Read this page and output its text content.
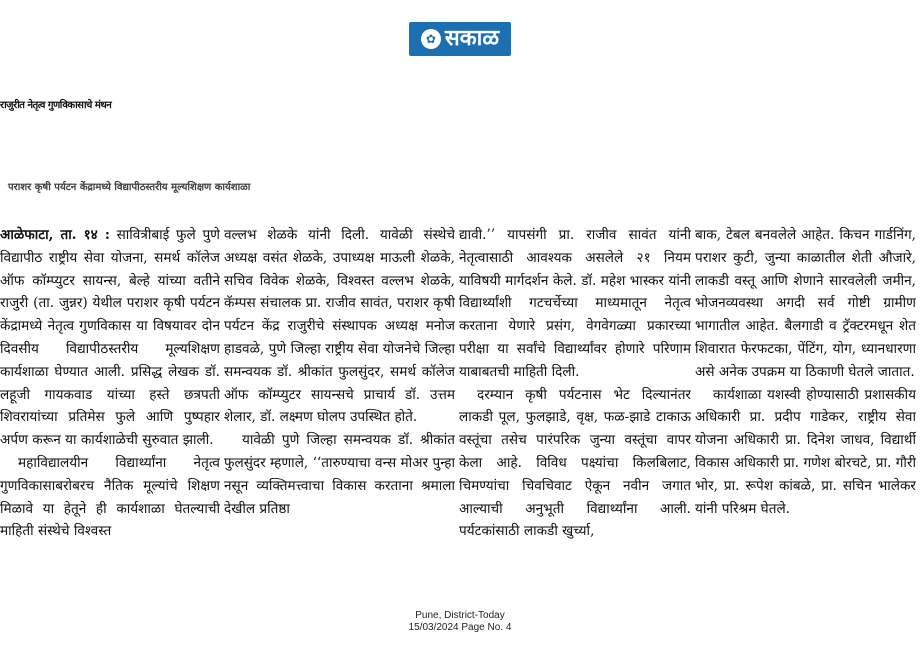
✿ सकाळ
राजुरीत नेतृत्व गुणविकासाचे मंथन
पराशर कृषी पर्यटन केंद्रामध्ये विद्यापीठस्तरीय मूल्यशिक्षण कार्यशाळा

आळेफाटा, ता. १४ : सावित्रीबाई फुले पुणे विद्यापीठ राष्ट्रीय सेवा योजना, समर्थ कॉलेज ऑफ कॉम्प्युटर सायन्स, बेल्हे यांच्या वतीने राजुरी (ता. जुन्नर) येथील पराशर कृषी पर्यटन केंद्रामध्ये नेतृत्व गुणविकास या विषयावर दोन दिवसीय विद्यापीठस्तरीय मूल्यशिक्षण कार्यशाळा घेण्यात आली. प्रसिद्ध लेखक डॉ. लहूजी गायकवाड यांच्या हस्ते छत्रपती शिवरायांच्या प्रतिमेस फुले आणि पुष्पहार अर्पण करून या कार्यशाळेची सुरुवात झाली.

महाविद्यालयीन विद्यार्थ्यांना नेतृत्व गुणविकासाबरोबरच नैतिक मूल्यांचे शिक्षण मिळावे या हेतूने ही कार्यशाळा घेतल्याची माहिती संस्थेचे विश्वस्त

वल्लभ शेळके यांनी दिली. यावेळी संस्थेचे अध्यक्ष वसंत शेळके, उपाध्यक्ष माऊली शेळके, सचिव विवेक शेळके, विश्वस्त वल्लभ शेळके, कॅम्पस संचालक प्रा. राजीव सावंत, पराशर कृषी पर्यटन केंद्र राजुरीचे संस्थापक अध्यक्ष मनोज हाडवळे, पुणे जिल्हा राष्ट्रीय सेवा योजनेचे जिल्हा समन्वयक डॉ. श्रीकांत फुलसुंदर, समर्थ कॉलेज ऑफ कॉम्प्युटर सायन्सचे प्राचार्य डॉ. उत्तम शेलार, डॉ. लक्ष्मण घोलप उपस्थित होते.

यावेळी पुणे जिल्हा समन्वयक डॉ. श्रीकांत फुलसुंदर म्हणाले, ‘‘तारुण्याचा वन्स मोअर पुन्हा नसून व्यक्तिमत्त्वाचा विकास करताना श्रमाला देखील प्रतिष्ठा

द्यावी.’’ यापसंगी प्रा. राजीव सावंत यांनी नेतृत्वासाठी आवश्यक असलेले २१ नियम याविषयी मार्गदर्शन केले. डॉ. महेश भास्कर यांनी विद्यार्थ्यांशी गटचर्चेच्या माध्यमातून नेतृत्व करताना येणारे प्रसंग, वेगवेगळ्या प्रकारच्या परीक्षा या सर्वांचे विद्यार्थ्यांवर होणारे परिणाम याबाबतची माहिती दिली.

दरम्यान कृषी पर्यटनास भेट दिल्यानंतर लाकडी पूल, फुलझाडे, वृक्ष, फळ-झाडे टाकाऊ वस्तूंचा तसेच पारंपरिक जुन्या वस्तूंचा वापर केला आहे. विविध पक्ष्यांचा किलबिलाट, चिमण्यांचा चिवचिवाट ऐकून नवीन जगात आल्याची अनुभूती विद्यार्थ्यांना आली. पर्यटकांसाठी लाकडी खुर्च्या,

बाक, टेबल बनवलेले आहेत. किचन गार्डनिंग, पराशर कुटी, जुन्या काळातील शेती औजारे, लाकडी वस्तू आणि शेणाने सारवलेली जमीन, भोजनव्यवस्था अगदी सर्व गोष्टी ग्रामीण भागातील आहेत. बैलगाडी व ट्रॅक्टरमधून शेत शिवारात फेरफटका, पेंटिंग, योग, ध्यानधारणा असे अनेक उपक्रम या ठिकाणी घेतले जातात.

कार्यशाळा यशस्वी होण्यासाठी प्रशासकीय अधिकारी प्रा. प्रदीप गाडेकर, राष्ट्रीय सेवा योजना अधिकारी प्रा. दिनेश जाधव, विद्यार्थी विकास अधिकारी प्रा. गणेश बोरचटे, प्रा. गौरी भोर, प्रा. रूपेश कांबळे, प्रा. सचिन भालेकर यांनी परिश्रम घेतले.

Pune, District-Today
15/03/2024 Page No. 4
